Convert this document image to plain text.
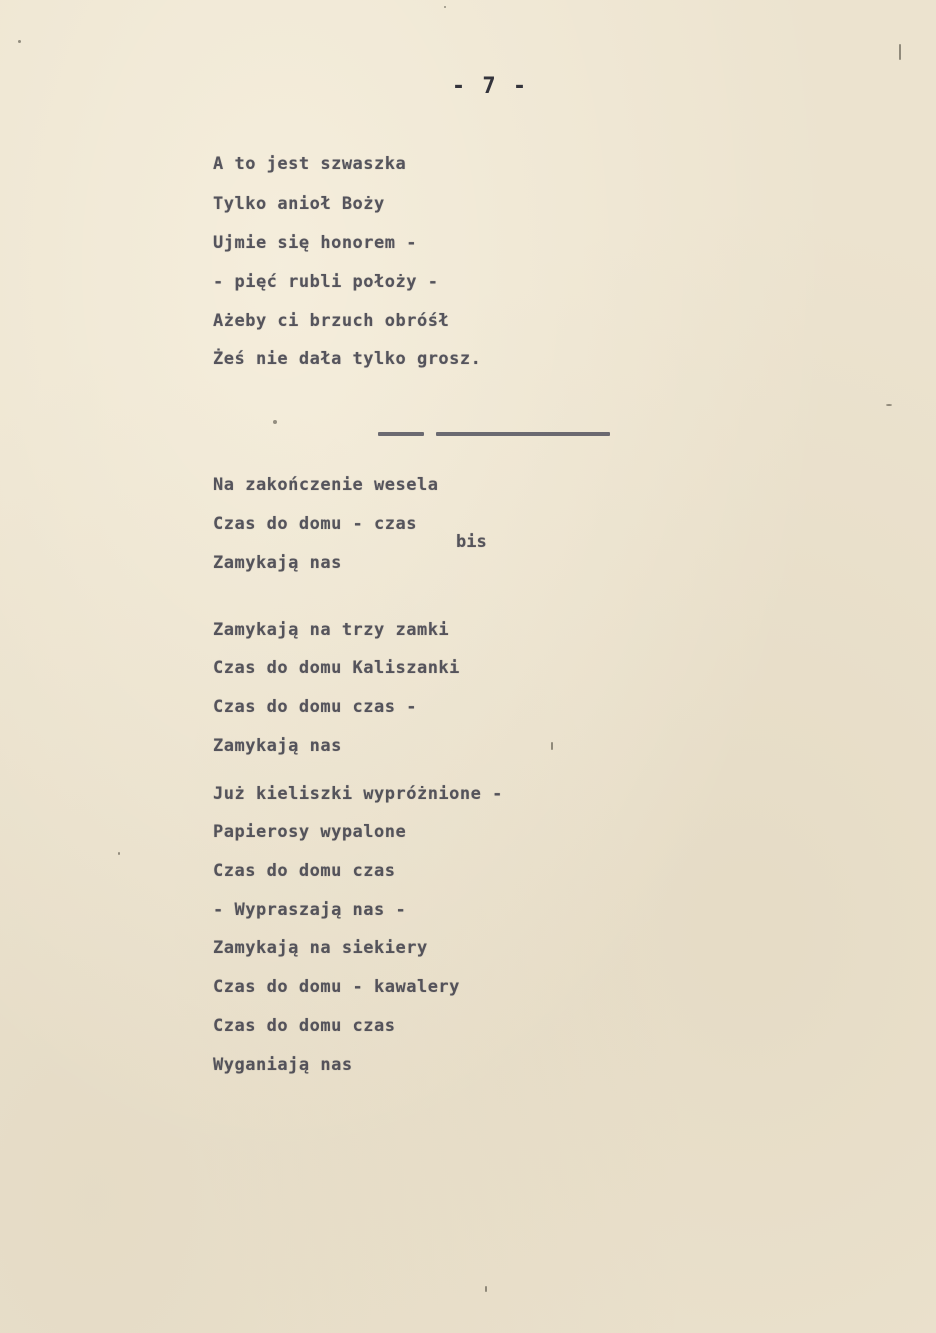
- 7 -
A to jest szwaszka
Tylko anioł Boży
Ujmie się honorem -
- pięć rubli położy -
Ażeby ci brzuch obróśł
Żeś nie dała tylko grosz.
Na zakończenie wesela
Czas do domu - czas
Zamykają nas
bis
Zamykają na trzy zamki
Czas do domu Kaliszanki
Czas do domu czas -
Zamykają nas
Już kieliszki wypróżnione -
Papierosy wypalone
Czas do domu czas
- Wypraszają nas -
Zamykają na siekiery
Czas do domu - kawalery
Czas do domu czas
Wyganiają nas
